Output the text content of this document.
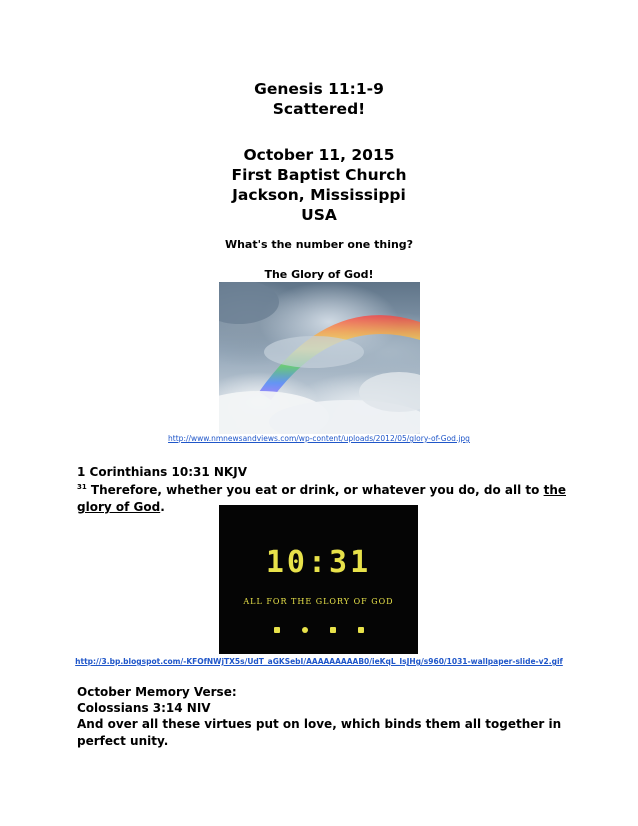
Genesis 11:1-9
Scattered!
October 11, 2015
First Baptist Church
Jackson, Mississippi
USA
What's the number one thing?
The Glory of God!
http://www.nmnewsandviews.com/wp-content/uploads/2012/05/glory-of-God.jpg
1 Corinthians 10:31 NKJV
$^{31}$ Therefore, whether you eat or drink, or whatever you do, do all to the glory of God.
10:31
ALL FOR THE GLORY OF GOD
http://3.bp.blogspot.com/-KFOfNWjTX5s/UdT_aGKSebI/AAAAAAAAAB0/ieKqL_IsJHg/s960/1031-wallpaper-slide-v2.gif
October Memory Verse:
Colossians 3:14 NIV
And over all these virtues put on love, which binds them all together in perfect unity.
